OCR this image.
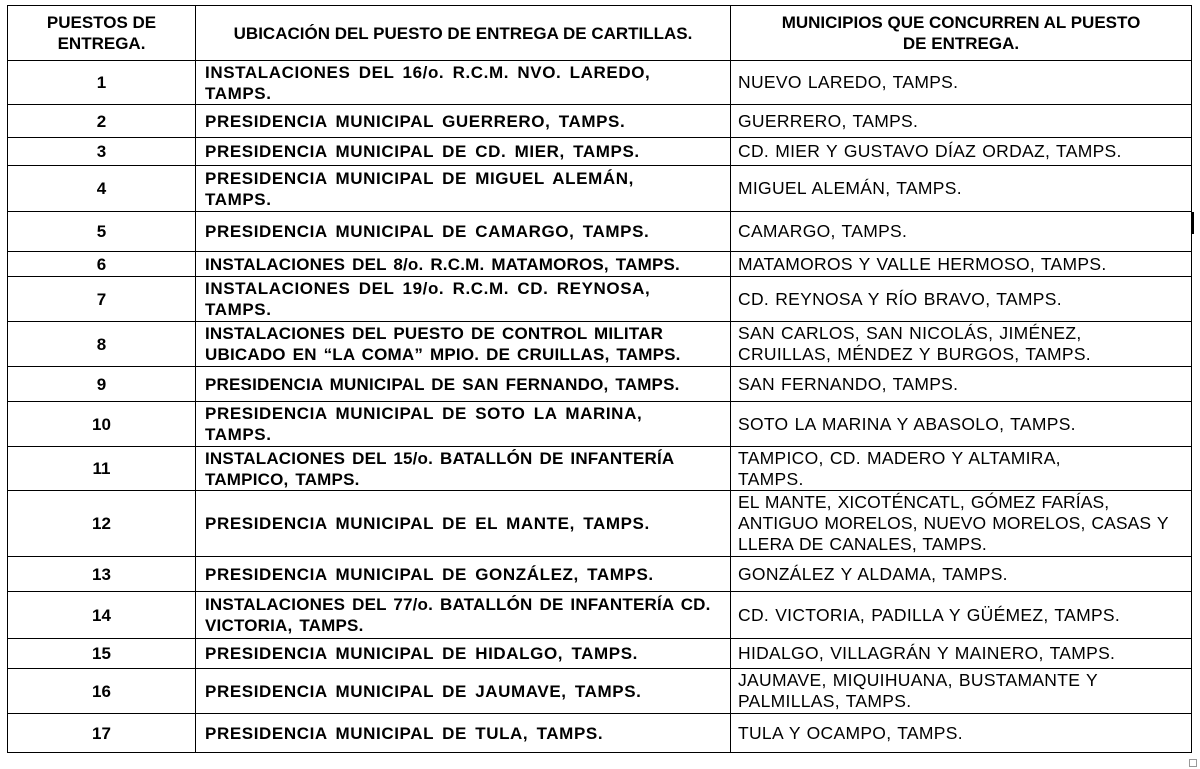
PUESTOS DE ENTREGA.	UBICACIÓN DEL PUESTO DE ENTREGA DE CARTILLAS.	MUNICIPIOS QUE CONCURREN AL PUESTO DE ENTREGA.
1	INSTALACIONES DEL 16/o. R.C.M. NVO. LAREDO, TAMPS.	NUEVO LAREDO, TAMPS.
2	PRESIDENCIA MUNICIPAL GUERRERO, TAMPS.	GUERRERO, TAMPS.
3	PRESIDENCIA MUNICIPAL DE CD. MIER, TAMPS.	CD. MIER Y GUSTAVO DÍAZ ORDAZ, TAMPS.
4	PRESIDENCIA MUNICIPAL DE MIGUEL ALEMÁN, TAMPS.	MIGUEL ALEMÁN, TAMPS.
5	PRESIDENCIA MUNICIPAL DE CAMARGO, TAMPS.	CAMARGO, TAMPS.
6	INSTALACIONES DEL 8/o. R.C.M. MATAMOROS, TAMPS.	MATAMOROS Y VALLE HERMOSO, TAMPS.
7	INSTALACIONES DEL 19/o. R.C.M. CD. REYNOSA, TAMPS.	CD. REYNOSA Y RÍO BRAVO, TAMPS.
8	INSTALACIONES DEL PUESTO DE CONTROL MILITAR UBICADO EN “LA COMA” MPIO. DE CRUILLAS, TAMPS.	SAN CARLOS, SAN NICOLÁS, JIMÉNEZ, CRUILLAS, MÉNDEZ Y BURGOS, TAMPS.
9	PRESIDENCIA MUNICIPAL DE SAN FERNANDO, TAMPS.	SAN FERNANDO, TAMPS.
10	PRESIDENCIA MUNICIPAL DE SOTO LA MARINA, TAMPS.	SOTO LA MARINA Y ABASOLO, TAMPS.
11	INSTALACIONES DEL 15/o. BATALLÓN DE INFANTERÍA TAMPICO, TAMPS.	TAMPICO, CD. MADERO Y ALTAMIRA, TAMPS.
12	PRESIDENCIA MUNICIPAL DE EL MANTE, TAMPS.	EL MANTE, XICOTÉNCATL, GÓMEZ FARÍAS, ANTIGUO MORELOS, NUEVO MORELOS, CASAS Y LLERA DE CANALES, TAMPS.
13	PRESIDENCIA MUNICIPAL DE GONZÁLEZ, TAMPS.	GONZÁLEZ Y ALDAMA, TAMPS.
14	INSTALACIONES DEL 77/o. BATALLÓN DE INFANTERÍA CD. VICTORIA, TAMPS.	CD. VICTORIA, PADILLA Y GÜÉMEZ, TAMPS.
15	PRESIDENCIA MUNICIPAL DE HIDALGO, TAMPS.	HIDALGO, VILLAGRÁN Y MAINERO, TAMPS.
16	PRESIDENCIA MUNICIPAL DE JAUMAVE, TAMPS.	JAUMAVE, MIQUIHUANA, BUSTAMANTE Y PALMILLAS, TAMPS.
17	PRESIDENCIA MUNICIPAL DE TULA, TAMPS.	TULA Y OCAMPO, TAMPS.
